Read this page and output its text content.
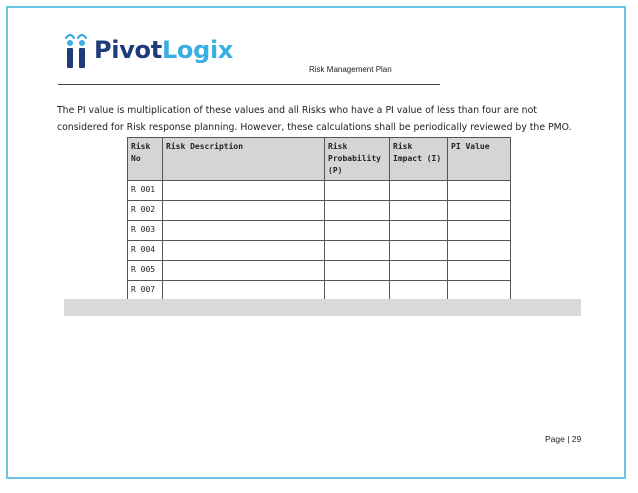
PivotLogix
Risk Management Plan
The PI value is multiplication of these values and all Risks who have a PI value of less than four are not considered for Risk response planning. However, these calculations shall be periodically reviewed by the PMO.
Risk No	Risk Description	Risk Probability (P)	Risk Impact (I)	PI Value
R 001				
R 002				
R 003				
R 004				
R 005				
R 007				
Page | 29
